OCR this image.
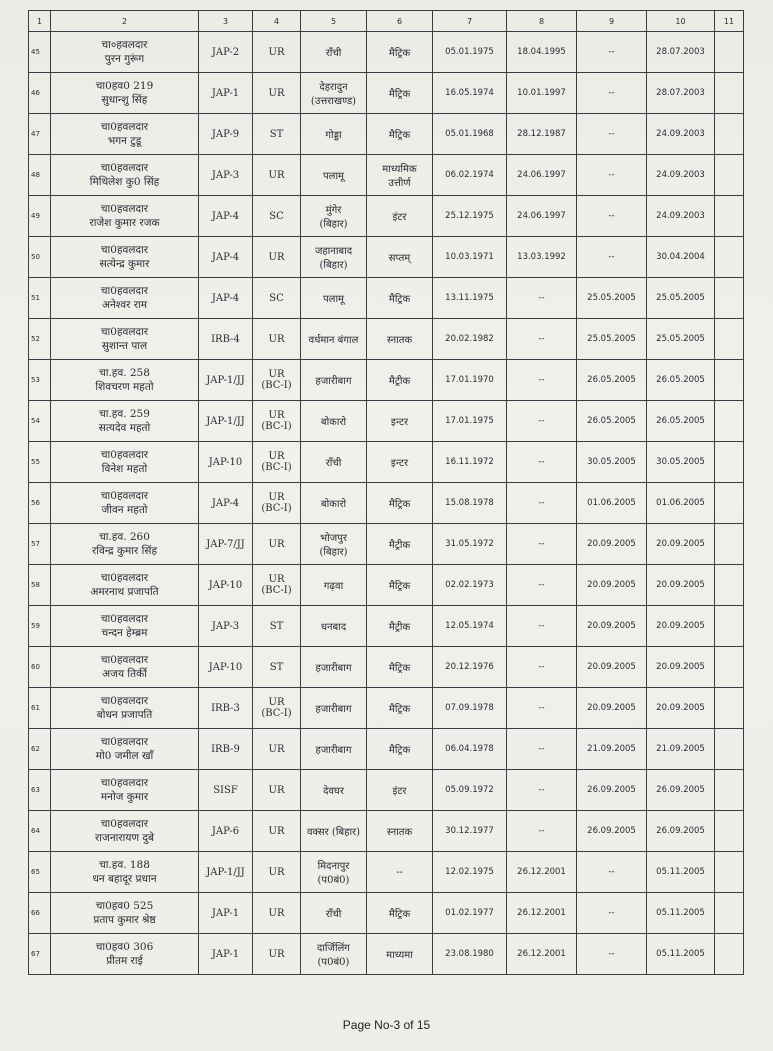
1	2	3	4	5	6	7	8	9	10	11

45	चा०हवलदार
पुरन गुरूंग	JAP-2	UR	राँची	मैट्रिक	05.01.1975	18.04.1995	--	28.07.2003	

46	चा0हव0 219
सुधान्शु सिंह	JAP-1	UR	देहरादुन
(उत्तराखण्ड)	मैट्रिक	16.05.1974	10.01.1997	--	28.07.2003	

47	चा0हवलदार
भगन टुडू	JAP-9	ST	गोड्डा	मैट्रिक	05.01.1968	28.12.1987	--	24.09.2003	

48	चा0हवलदार
मिथिलेश कु0 सिंह	JAP-3	UR	पलामू	माध्यमिक
उत्तीर्ण	06.02.1974	24.06.1997	--	24.09.2003	

49	चा0हवलदार
राजेश कुमार रजक	JAP-4	SC	मुंगेर
(बिहार)	इंटर	25.12.1975	24.06.1997	--	24.09.2003	

50	चा0हवलदार
सत्येन्द्र कुमार	JAP-4	UR	जहानाबाद
(बिहार)	सप्तम्	10.03.1971	13.03.1992	--	30.04.2004	

51	चा0हवलदार
अनेश्वर राम	JAP-4	SC	पलामू	मैट्रिक	13.11.1975	--	25.05.2005	25.05.2005	

52	चा0हवलदार
सुशान्त पाल	IRB-4	UR	वर्धमान बंगाल	स्नातक	20.02.1982	--	25.05.2005	25.05.2005	

53	चा.हव. 258
शिवचरण महतो	JAP-1/JJ	UR
(BC-I)	हजारीबाग	मैट्रीक	17.01.1970	--	26.05.2005	26.05.2005	

54	चा.हव. 259
सत्यदेव महतो	JAP-1/JJ	UR
(BC-I)	बोकारो	इन्टर	17.01.1975	--	26.05.2005	26.05.2005	

55	चा0हवलदार
विनेश महतो	JAP-10	UR
(BC-I)	राँची	इन्टर	16.11.1972	--	30.05.2005	30.05.2005	

56	चा0हवलदार
जीवन महतो	JAP-4	UR
(BC-I)	बोकारो	मैट्रिक	15.08.1978	--	01.06.2005	01.06.2005	

57	चा.हव. 260
रविन्द्र कुमार सिंह	JAP-7/JJ	UR	भोजपुर
(बिहार)	मैट्रीक	31.05.1972	--	20.09.2005	20.09.2005	

58	चा0हवलदार
अमरनाथ प्रजापति	JAP-10	UR
(BC-I)	गढ़वा	मैट्रिक	02.02.1973	--	20.09.2005	20.09.2005	

59	चा0हवलदार
चन्दन हेम्ब्रम	JAP-3	ST	धनबाद	मैट्रीक	12.05.1974	--	20.09.2005	20.09.2005	

60	चा0हवलदार
अजय तिर्की	JAP-10	ST	हजारीबाग	मैट्रिक	20.12.1976	--	20.09.2005	20.09.2005	

61	चा0हवलदार
बोधन प्रजापति	IRB-3	UR
(BC-I)	हजारीबाग	मैट्रिक	07.09.1978	--	20.09.2005	20.09.2005	

62	चा0हवलदार
मो0 जमील खाँ	IRB-9	UR	हजारीबाग	मैट्रिक	06.04.1978	--	21.09.2005	21.09.2005	

63	चा0हवलदार
मनोज कुमार	SISF	UR	देवघर	इंटर	05.09.1972	--	26.09.2005	26.09.2005	

64	चा0हवलदार
राजनारायण दुबे	JAP-6	UR	वक्सर (बिहार)	स्नातक	30.12.1977	--	26.09.2005	26.09.2005	

65	चा.हव. 188
धन बहादूर प्रधान	JAP-1/JJ	UR	मिदनापुर
(प0बं0)	--	12.02.1975	26.12.2001	--	05.11.2005	

66	चा0हव0 525
प्रताप कुमार श्रेष्ठ	JAP-1	UR	राँची	मैट्रिक	01.02.1977	26.12.2001	--	05.11.2005	

67	चा0हव0 306
प्रीतम राई	JAP-1	UR	दार्जिलिंग
(प0बं0)	माध्यमा	23.08.1980	26.12.2001	--	05.11.2005	

Page No-3 of 15
